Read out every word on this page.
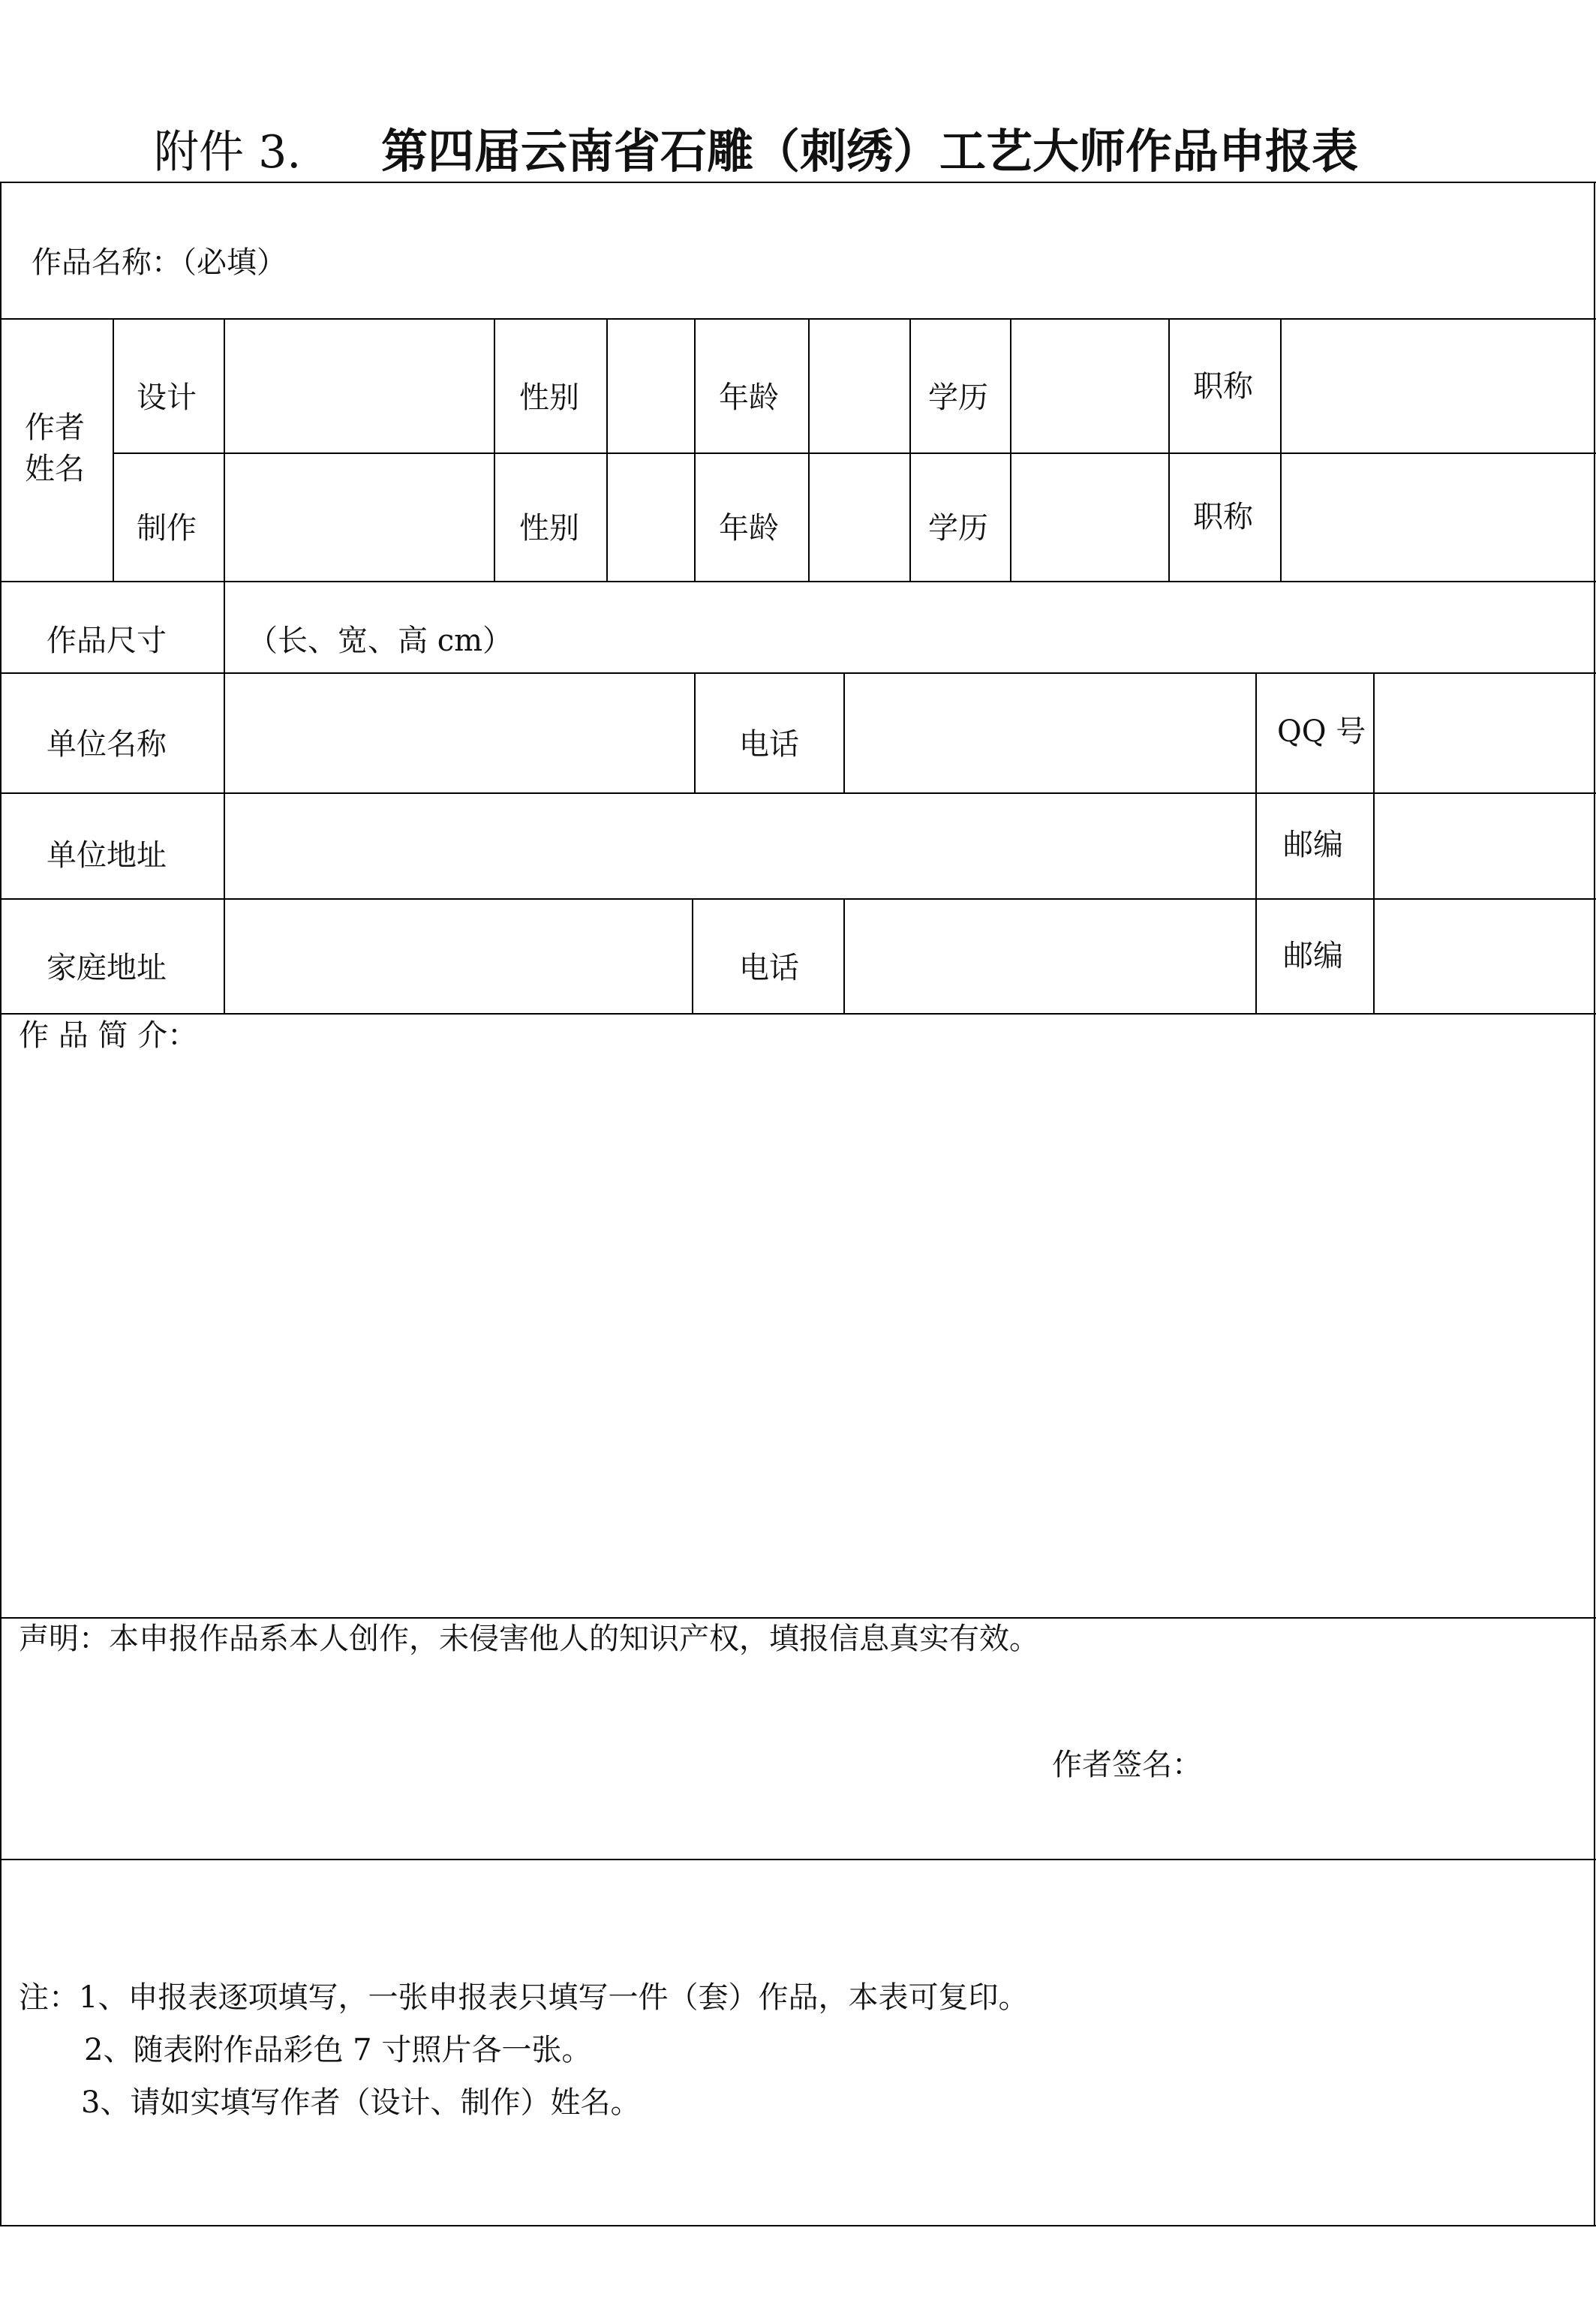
附件 3. 第四届云南省石雕（刺绣）工艺大师作品申报表
作品名称：（必填）
作者
姓名
设计	性别	年龄	学历	职称
制作	性别	年龄	学历	职称
作品尺寸	（长、宽、高 cm）
单位名称	电话	QQ 号
单位地址	邮编
家庭地址	电话	邮编
作 品 简 介：
声明：本申报作品系本人创作，未侵害他人的知识产权，填报信息真实有效。
作者签名：
注：1、申报表逐项填写，一张申报表只填写一件（套）作品，本表可复印。
2、随表附作品彩色 7 寸照片各一张。
3、请如实填写作者（设计、制作）姓名。
